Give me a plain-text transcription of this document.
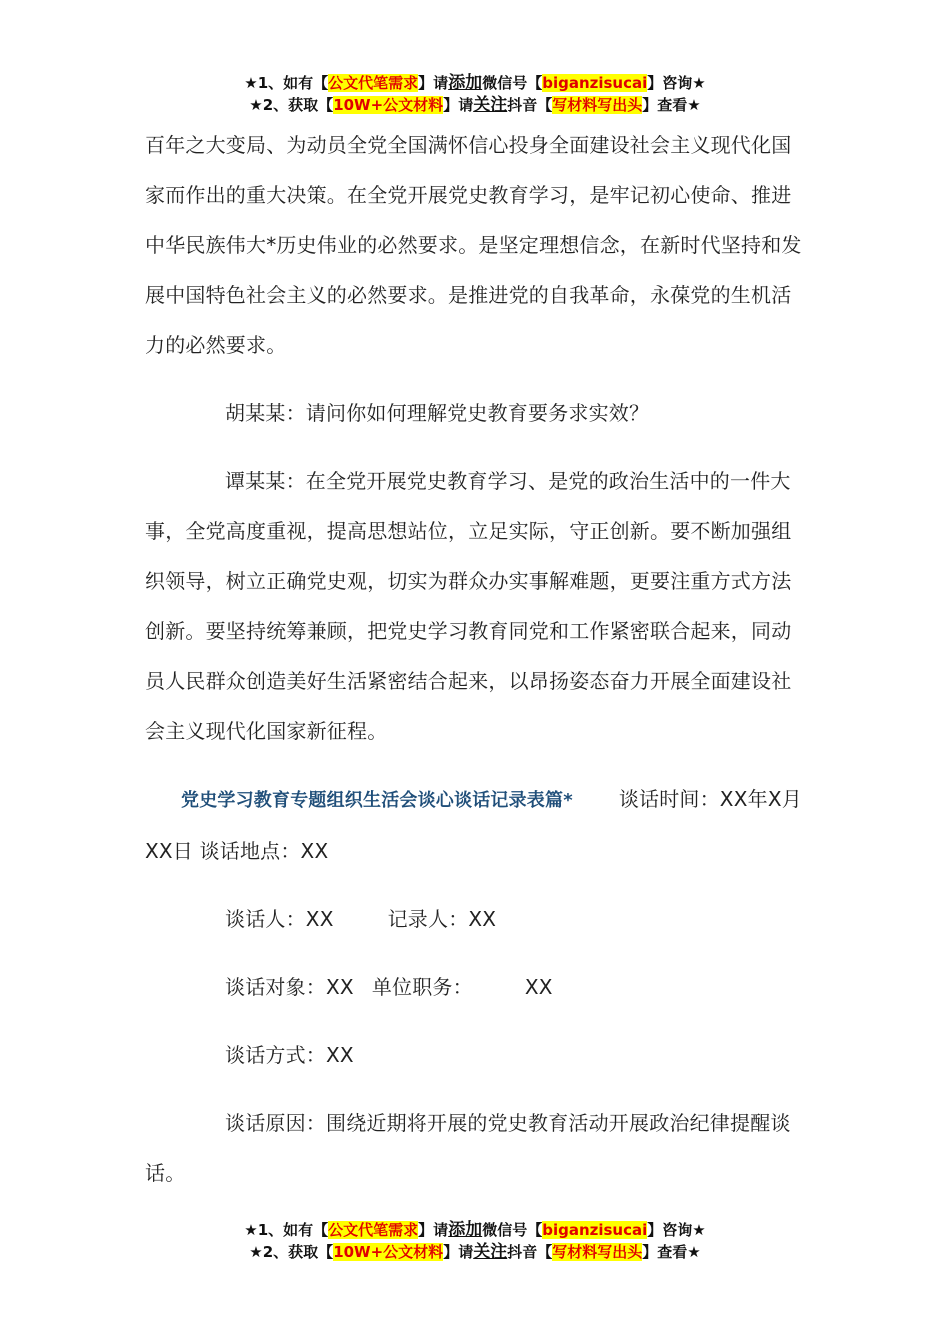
★1、如有【公文代笔需求】请添加微信号【biganzisucai】咨询★
★2、获取【10W+公文材料】请关注抖音【写材料写出头】查看★

百年之大变局、为动员全党全国满怀信心投身全面建设社会主义现代化国家而作出的重大决策。在全党开展党史教育学习，是牢记初心使命、推进中华民族伟大*历史伟业的必然要求。是坚定理想信念，在新时代坚持和发展中国特色社会主义的必然要求。是推进党的自我革命，永葆党的生机活力的必然要求。

胡某某：请问你如何理解党史教育要务求实效？

谭某某：在全党开展党史教育学习、是党的政治生活中的一件大事，全党高度重视，提高思想站位，立足实际，守正创新。要不断加强组织领导，树立正确党史观，切实为群众办实事解难题，更要注重方式方法创新。要坚持统筹兼顾，把党史学习教育同党和工作紧密联合起来，同动员人民群众创造美好生活紧密结合起来，以昂扬姿态奋力开展全面建设社会主义现代化国家新征程。

党史学习教育专题组织生活会谈心谈话记录表篇* 谈话时间：XX年X月XX日 谈话地点：XX

谈话人：XX	记录人：XX

谈话对象：XX 单位职务：	XX

谈话方式：XX

谈话原因：围绕近期将开展的党史教育活动开展政治纪律提醒谈话。

★1、如有【公文代笔需求】请添加微信号【biganzisucai】咨询★
★2、获取【10W+公文材料】请关注抖音【写材料写出头】查看★
